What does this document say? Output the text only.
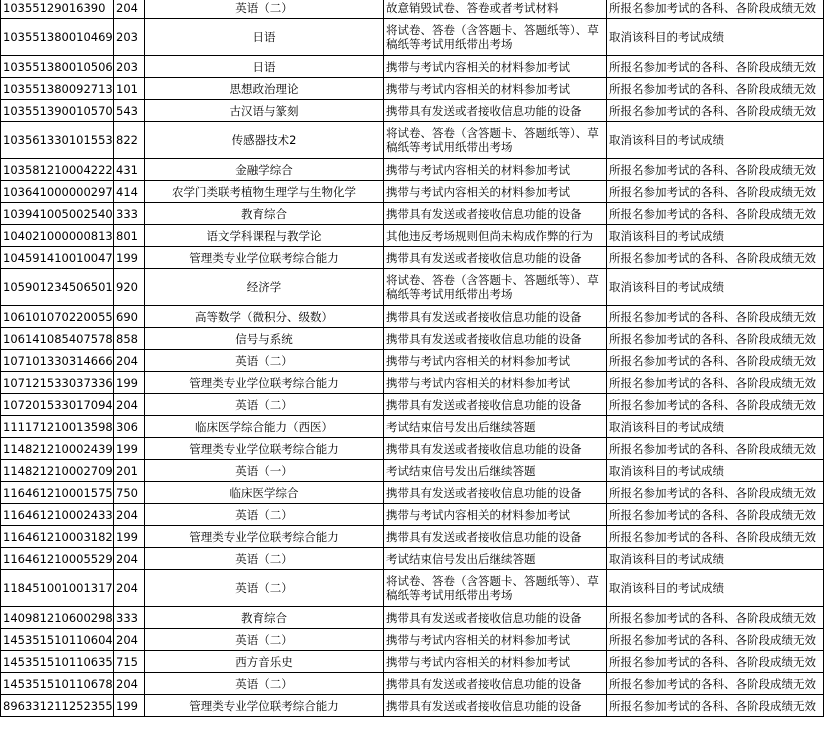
10355129016390	204	英语（二）	故意销毁试卷、答卷或者考试材料	所报名参加考试的各科、各阶段成绩无效
103551380010469	203	日语	将试卷、答卷（含答题卡、答题纸等）、草稿纸等考试用纸带出考场	取消该科目的考试成绩
103551380010506	203	日语	携带与考试内容相关的材料参加考试	所报名参加考试的各科、各阶段成绩无效
103551380092713	101	思想政治理论	携带与考试内容相关的材料参加考试	所报名参加考试的各科、各阶段成绩无效
103551390010570	543	古汉语与篆刻	携带具有发送或者接收信息功能的设备	所报名参加考试的各科、各阶段成绩无效
103561330101553	822	传感器技术2	将试卷、答卷（含答题卡、答题纸等）、草稿纸等考试用纸带出考场	取消该科目的考试成绩
103581210004222	431	金融学综合	携带与考试内容相关的材料参加考试	所报名参加考试的各科、各阶段成绩无效
103641000000297	414	农学门类联考植物生理学与生物化学	携带与考试内容相关的材料参加考试	所报名参加考试的各科、各阶段成绩无效
103941005002540	333	教育综合	携带具有发送或者接收信息功能的设备	所报名参加考试的各科、各阶段成绩无效
104021000000813	801	语文学科课程与教学论	其他违反考场规则但尚未构成作弊的行为	取消该科目的考试成绩
104591410010047	199	管理类专业学位联考综合能力	携带具有发送或者接收信息功能的设备	所报名参加考试的各科、各阶段成绩无效
105901234506501	920	经济学	将试卷、答卷（含答题卡、答题纸等）、草稿纸等考试用纸带出考场	取消该科目的考试成绩
106101070220055	690	高等数学（微积分、级数）	携带具有发送或者接收信息功能的设备	所报名参加考试的各科、各阶段成绩无效
106141085407578	858	信号与系统	携带具有发送或者接收信息功能的设备	所报名参加考试的各科、各阶段成绩无效
107101330314666	204	英语（二）	携带与考试内容相关的材料参加考试	所报名参加考试的各科、各阶段成绩无效
107121533037336	199	管理类专业学位联考综合能力	携带与考试内容相关的材料参加考试	所报名参加考试的各科、各阶段成绩无效
107201533017094	204	英语（二）	携带具有发送或者接收信息功能的设备	所报名参加考试的各科、各阶段成绩无效
111171210013598	306	临床医学综合能力（西医）	考试结束信号发出后继续答题	取消该科目的考试成绩
114821210002439	199	管理类专业学位联考综合能力	携带具有发送或者接收信息功能的设备	所报名参加考试的各科、各阶段成绩无效
114821210002709	201	英语（一）	考试结束信号发出后继续答题	取消该科目的考试成绩
116461210001575	750	临床医学综合	携带具有发送或者接收信息功能的设备	所报名参加考试的各科、各阶段成绩无效
116461210002433	204	英语（二）	携带与考试内容相关的材料参加考试	所报名参加考试的各科、各阶段成绩无效
116461210003182	199	管理类专业学位联考综合能力	携带具有发送或者接收信息功能的设备	所报名参加考试的各科、各阶段成绩无效
116461210005529	204	英语（二）	考试结束信号发出后继续答题	取消该科目的考试成绩
118451001001317	204	英语（二）	将试卷、答卷（含答题卡、答题纸等）、草稿纸等考试用纸带出考场	取消该科目的考试成绩
140981210600298	333	教育综合	携带具有发送或者接收信息功能的设备	所报名参加考试的各科、各阶段成绩无效
145351510110604	204	英语（二）	携带与考试内容相关的材料参加考试	所报名参加考试的各科、各阶段成绩无效
145351510110635	715	西方音乐史	携带与考试内容相关的材料参加考试	所报名参加考试的各科、各阶段成绩无效
145351510110678	204	英语（二）	携带具有发送或者接收信息功能的设备	所报名参加考试的各科、各阶段成绩无效
896331211252355	199	管理类专业学位联考综合能力	携带具有发送或者接收信息功能的设备	所报名参加考试的各科、各阶段成绩无效
